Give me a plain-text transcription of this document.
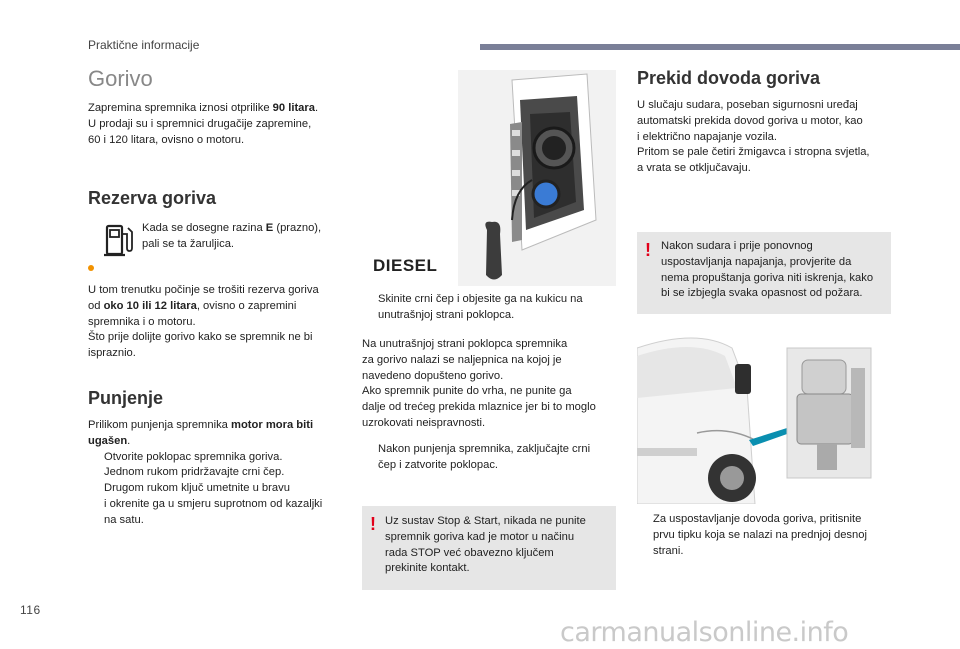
Praktične informacije
Gorivo

Zapremina spremnika iznosi otprilike 90 litara.

U prodaji su i spremnici drugačije zapremine,

60 i 120 litara, ovisno o motoru.

Rezerva goriva

Kada se dosegne razina E (prazno),

pali se ta žaruljica.

U tom trenutku počinje se trošiti rezerva goriva

od oko 10 ili 12 litara, ovisno o zapremini

spremnika i o motoru.

Što prije dolijte gorivo kako se spremnik ne bi

ispraznio.

Punjenje

Prilikom punjenja spremnika motor mora biti

ugašen.

Otvorite poklopac spremnika goriva.

Jednom rukom pridržavajte crni čep.

Drugom rukom ključ umetnite u bravu
i okrenite ga u smjeru suprotnom od kazaljki
na satu.

DIESEL

Skinite crni čep i objesite ga na kukicu na
unutrašnjoj strani poklopca.

Na unutrašnjoj strani poklopca spremnika

za gorivo nalazi se naljepnica na kojoj je

navedeno dopušteno gorivo.

Ako spremnik punite do vrha, ne punite ga

dalje od trećeg prekida mlaznice jer bi to moglo

uzrokovati neispravnosti.

Nakon punjenja spremnika, zaključajte crni
čep i zatvorite poklopac.

! Uz sustav Stop & Start, nikada ne punite

spremnik goriva kad je motor u načinu

rada STOP već obavezno ključem

prekinite kontakt.

Prekid dovoda goriva

U slučaju sudara, poseban sigurnosni uređaj

automatski prekida dovod goriva u motor, kao

i električno napajanje vozila.

Pritom se pale četiri žmigavca i stropna svjetla,

a vrata se otključavaju.

! Nakon sudara i prije ponovnog

uspostavljanja napajanja, provjerite da

nema propuštanja goriva niti iskrenja, kako

bi se izbjegla svaka opasnost od požara.

Za uspostavljanje dovoda goriva, pritisnite
prvu tipku koja se nalazi na prednjoj desnoj
strani.

116
carmanualsonline.info
